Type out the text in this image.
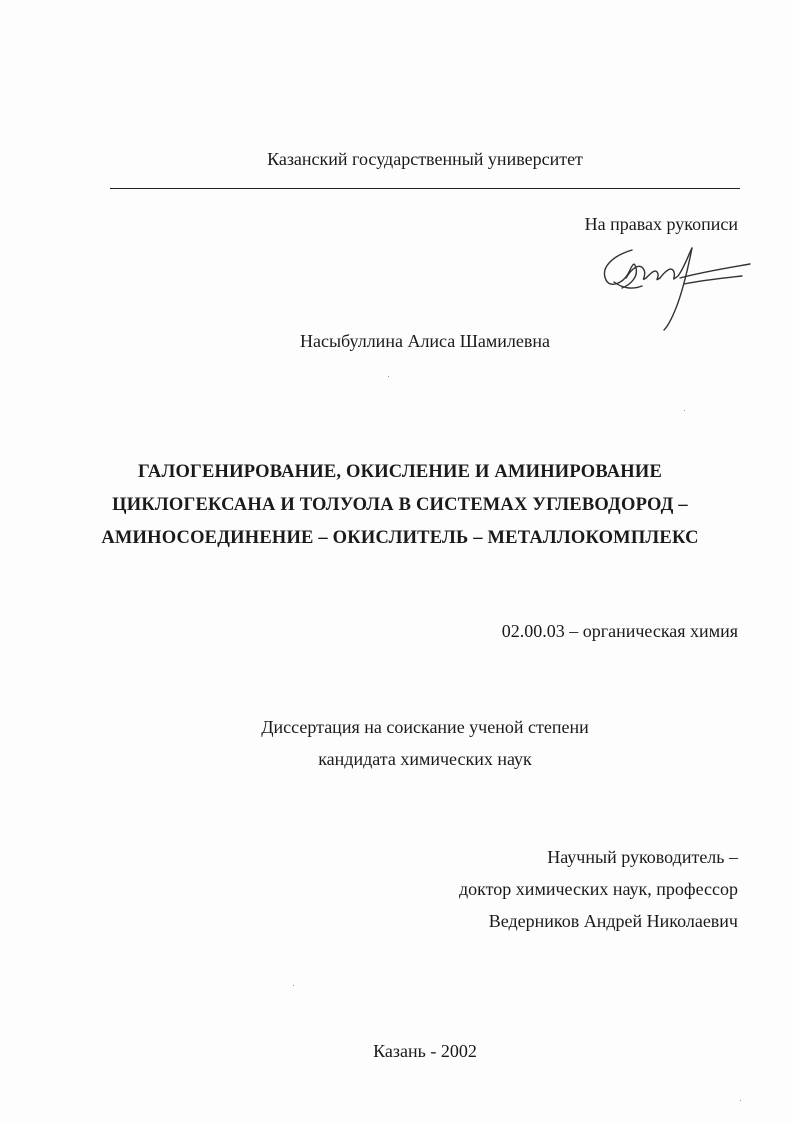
Казанский государственный университет
На правах рукописи
Насыбуллина Алиса Шамилевна
ГАЛОГЕНИРОВАНИЕ, ОКИСЛЕНИЕ И АМИНИРОВАНИЕ
ЦИКЛОГЕКСАНА И ТОЛУОЛА В СИСТЕМАХ УГЛЕВОДОРОД –
АМИНОСОЕДИНЕНИЕ – ОКИСЛИТЕЛЬ – МЕТАЛЛОКОМПЛЕКС
02.00.03 – органическая химия
Диссертация на соискание ученой степени
кандидата химических наук
Научный руководитель –
доктор химических наук, профессор
Ведерников Андрей Николаевич
Казань - 2002
